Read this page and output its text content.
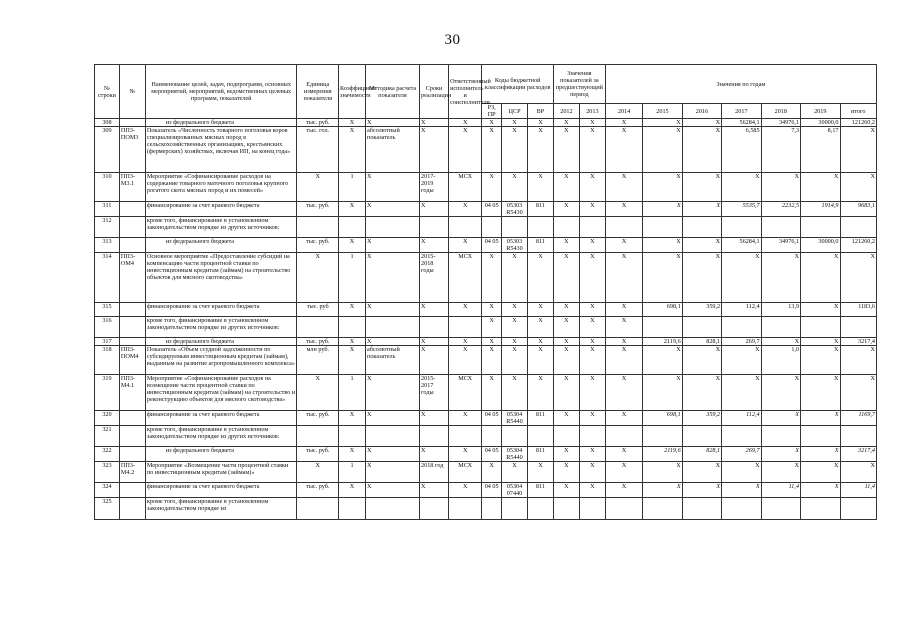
30
№ строки	№	Наименование целей, задач, подпрограмм, основных мероприятий, мероприятий, ведомственных целевых программ, показателей	Единица измерения показателя	Коэффициент значимости	Методика расчета показателя	Сроки реализации	Ответственный исполнитель и соисполнители	Коды бюджетной классификации расходов			Значения показателей за предшествующий период		Значения по годам						
								РЗ, ПР	ЦСР	ВР	2012	2013	2014	2015	2016	2017	2018	2019	итого
308		из федерального бюджета	тыс. руб.	Х	Х	Х	Х	Х	Х	Х	Х	Х	Х	Х	Х	56284,1	34976,1	30000,0	121260,2
309	ПП3-ПОМ3	Показатель «Численность товарного поголовья коров специализированных мясных пород в сельскохозяйственных организациях, крестьянских (фермерских) хозяйствах, включая ИП, на конец года»	тыс. гол.	Х	абсолютный показатель	Х	Х	Х	Х	Х	Х	Х	Х	Х	Х	6,585	7,3	8,17	Х
310	ПП3-М3.1	Мероприятие «Софинансирование расходов на содержание товарного маточного поголовья крупного рогатого скота мясных пород и их помесей»	Х	1	Х	2017-2019 годы	МСХ	Х	Х	Х	Х	Х	Х	Х	Х	Х	Х	Х	Х
311		финансирование за счет краевого бюджета	тыс. руб.	Х	Х	Х	Х	04 05	05303 R5430	811	Х	Х	Х	Х	Х	5535,7	2232,5	1914,9	9683,1
312		кроме того, финансирование в установленном законодательством порядке из других источников:																	
313		из федерального бюджета	тыс. руб.	Х	Х	Х	Х	04 05	05303 R5430	811	Х	Х	Х	Х	Х	56284,1	34976,1	30000,0	121260,2
314	ПП3-ОМ4	Основное мероприятие «Предоставление субсидий на компенсацию части процентной ставки по инвестиционным кредитам (займам) на строительство объектов для мясного скотоводства»	Х	1	Х	2015-2018 годы	МСХ	Х	Х	Х	Х	Х	Х	Х	Х	Х	Х	Х	Х
315		финансирование за счет краевого бюджета	тыс. руб	Х	Х	Х	Х	Х	Х	Х	Х	Х	Х	698,1	359,2	112,4	13,9	Х	1183,6
316		кроме того, финансирование в установленном законодательством порядке из других источников:						Х	Х	Х	Х	Х	Х						
317		из федерального бюджета	тыс. руб.	Х	Х	Х	Х	Х	Х	Х	Х	Х	Х	2119,6	828,1	269,7	Х	Х	3217,4
318	ПП3-ПОМ4	Показатель «Объем ссудной задолженности по субсидируемым инвестиционным кредитам (займам), выданным на развитие агропромышленного комплекса»	млн руб.	Х	абсолютный показатель	Х	Х	Х	Х	Х	Х	Х	Х	Х	Х	Х	1,0	Х	Х
319	ПП3-М4.1	Мероприятие «Софинансирование расходов на возмещение части процентной ставки по инвестиционным кредитам (займам) на строительство и реконструкцию объектов для мясного скотоводства»	Х	1	Х	2015-2017 годы	МСХ	Х	Х	Х	Х	Х	Х	Х	Х	Х	Х	Х	Х
320		финансирование за счет краевого бюджета	тыс. руб.	Х	Х	Х	Х	04 05	05304 R5440	811	Х	Х	Х	698,1	359,2	112,4	Х	Х	1169,7
321		кроме того, финансирование в установленном законодательством порядке из других источников:																	
322		из федерального бюджета	тыс. руб.	Х	Х	Х	Х	04 05	05304 R5440	811	Х	Х	Х	2119,6	828,1	269,7	Х	Х	3217,4
323	ПП3-М4.2	Мероприятие «Возмещение части процентной ставки по инвестиционным кредитам (займам)»	Х	1	Х	2018 год	МСХ	Х	Х	Х	Х	Х	Х	Х	Х	Х	Х	Х	Х
324		финансирование за счет краевого бюджета	тыс. руб.	Х	Х	Х	Х	04 05	05304 07440	811	Х	Х	Х	Х	Х	Х	11,4	Х	11,4
325		кроме того, финансирование в установленном законодательством порядке из																	
